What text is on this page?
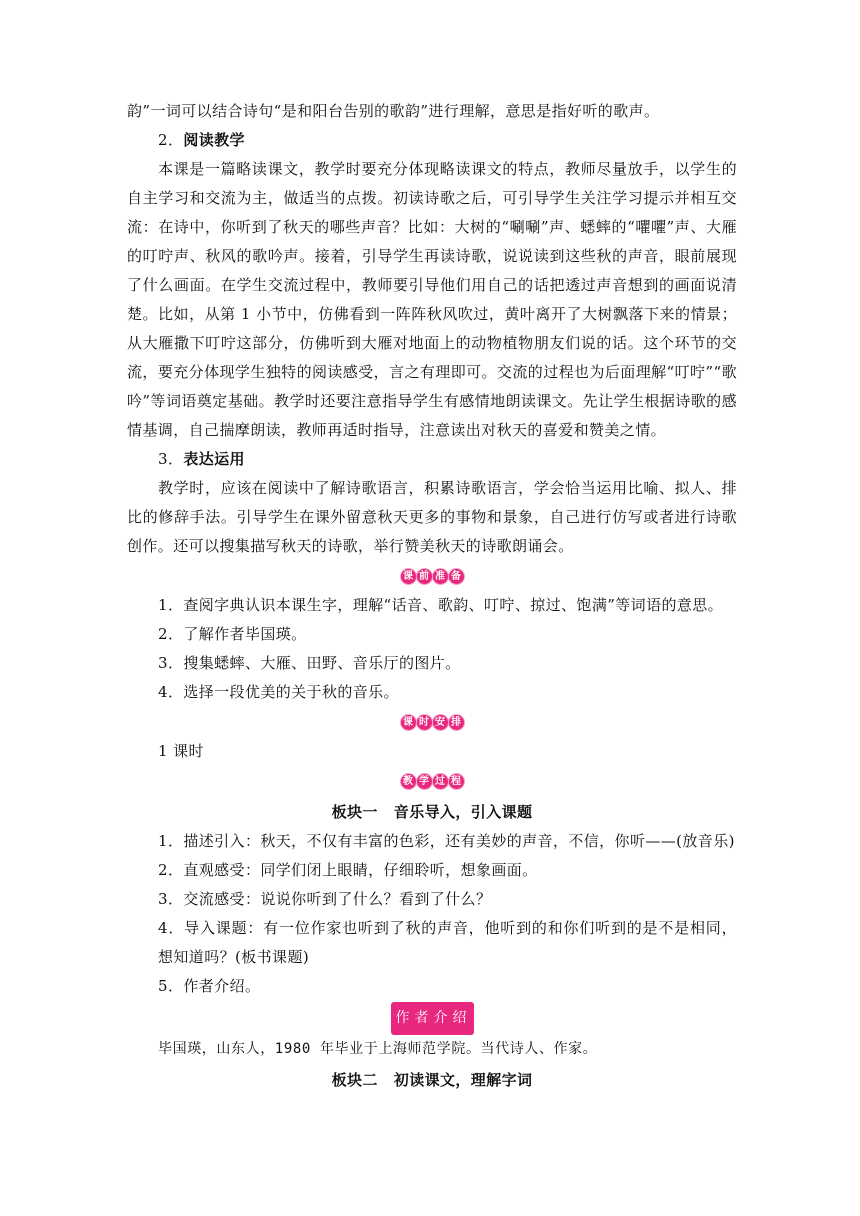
韵”一词可以结合诗句“是和阳台告别的歌韵”进行理解，意思是指好听的歌声。

2．阅读教学

本课是一篇略读课文，教学时要充分体现略读课文的特点，教师尽量放手，以学生的自主学习和交流为主，做适当的点拨。初读诗歌之后，可引导学生关注学习提示并相互交流：在诗中，你听到了秋天的哪些声音？比如：大树的“唰唰”声、蟋蟀的“㘗㘗”声、大雁的叮咛声、秋风的歌吟声。接着，引导学生再读诗歌，说说读到这些秋的声音，眼前展现了什么画面。在学生交流过程中，教师要引导他们用自己的话把透过声音想到的画面说清楚。比如，从第 1 小节中，仿佛看到一阵阵秋风吹过，黄叶离开了大树飘落下来的情景；从大雁撒下叮咛这部分，仿佛听到大雁对地面上的动物植物朋友们说的话。这个环节的交流，要充分体现学生独特的阅读感受，言之有理即可。交流的过程也为后面理解“叮咛”“歌吟”等词语奠定基础。教学时还要注意指导学生有感情地朗读课文。先让学生根据诗歌的感情基调，自己揣摩朗读，教师再适时指导，注意读出对秋天的喜爱和赞美之情。

3．表达运用

教学时，应该在阅读中了解诗歌语言，积累诗歌语言，学会恰当运用比喻、拟人、排比的修辞手法。引导学生在课外留意秋天更多的事物和景象，自己进行仿写或者进行诗歌创作。还可以搜集描写秋天的诗歌，举行赞美秋天的诗歌朗诵会。

课 前 准 备

1．查阅字典认识本课生字，理解“话音、歌韵、叮咛、掠过、饱满”等词语的意思。

2．了解作者毕国瑛。

3．搜集蟋蟀、大雁、田野、音乐厅的图片。

4．选择一段优美的关于秋的音乐。

课 时 安 排

1 课时

教 学 过 程

板块一 音乐导入，引入课题

1．描述引入：秋天，不仅有丰富的色彩，还有美妙的声音，不信，你听——(放音乐)

2．直观感受：同学们闭上眼睛，仔细聆听，想象画面。

3．交流感受：说说你听到了什么？看到了什么？

4．导入课题：有一位作家也听到了秋的声音，他听到的和你们听到的是不是相同，想知道吗？(板书课题)

5．作者介绍。

作 者 介 绍

毕国瑛，山东人，1980 年毕业于上海师范学院。当代诗人、作家。

板块二 初读课文，理解字词
